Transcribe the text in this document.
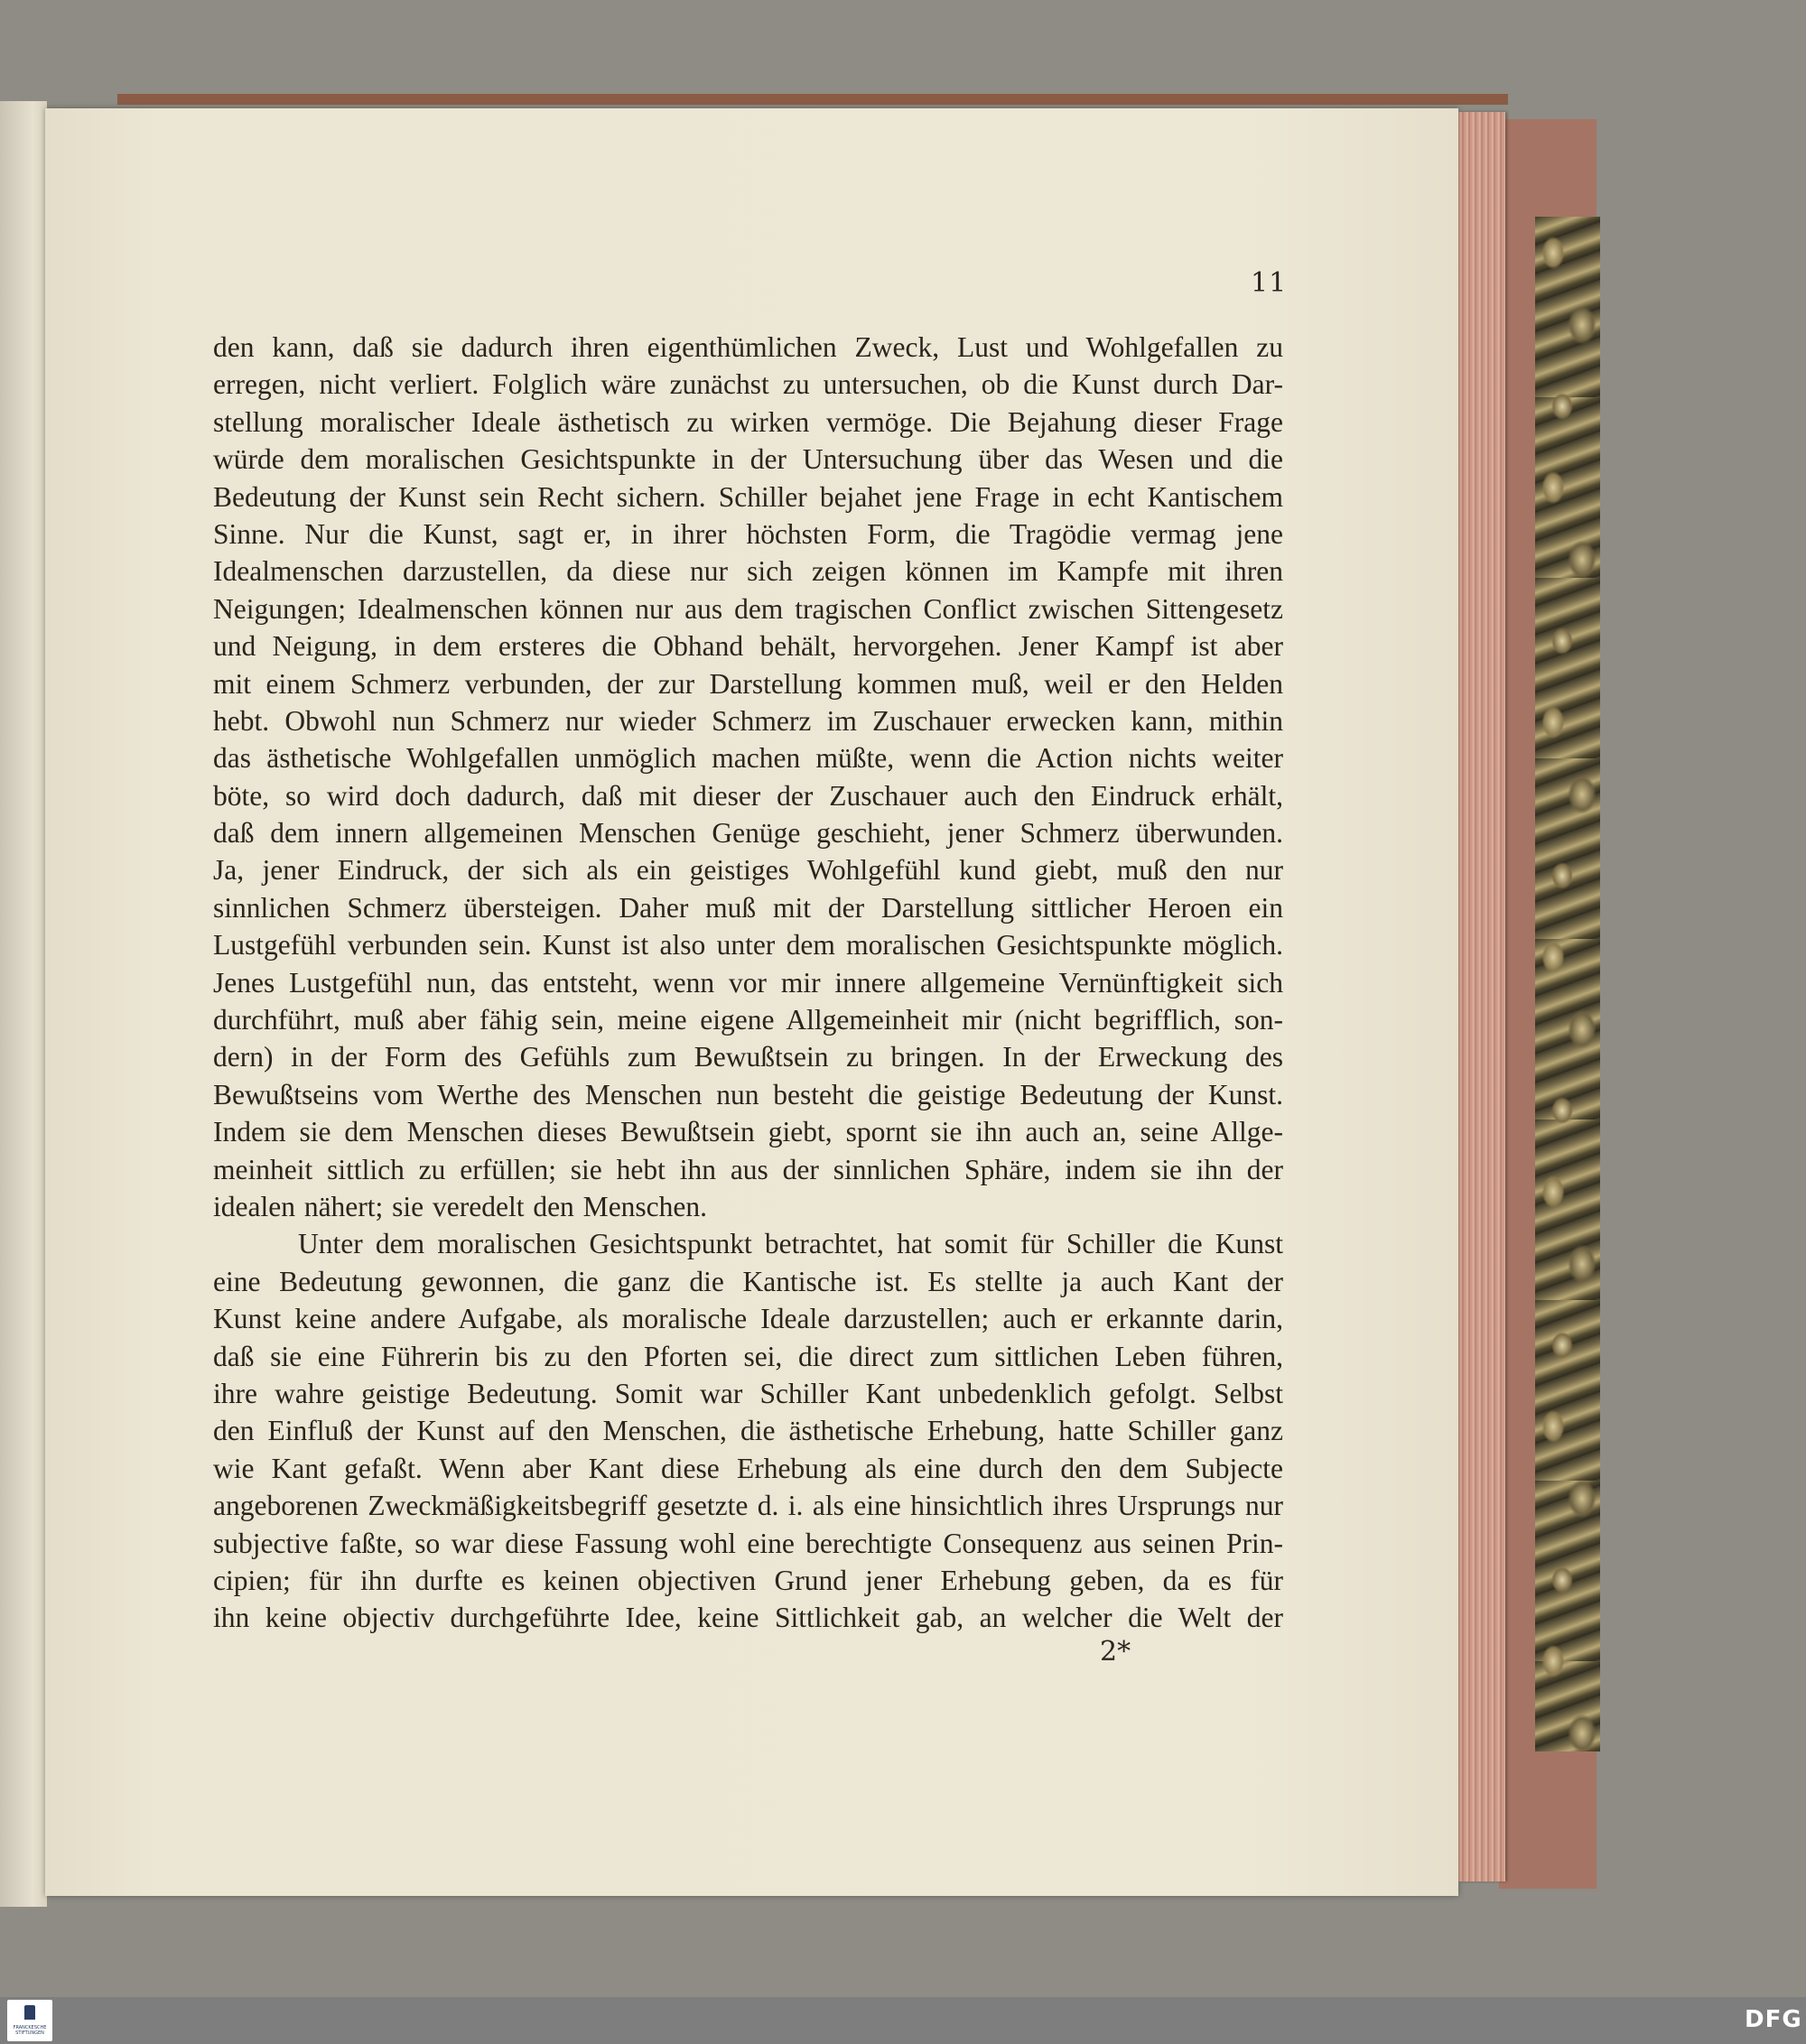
11
den kann, daß sie dadurch ihren eigenthümlichen Zweck, Lust und Wohlgefallen zu
erregen, nicht verliert. Folglich wäre zunächst zu untersuchen, ob die Kunst durch Dar-
stellung moralischer Ideale ästhetisch zu wirken vermöge. Die Bejahung dieser Frage
würde dem moralischen Gesichtspunkte in der Untersuchung über das Wesen und die
Bedeutung der Kunst sein Recht sichern. Schiller bejahet jene Frage in echt Kantischem
Sinne. Nur die Kunst, sagt er, in ihrer höchsten Form, die Tragödie vermag jene
Idealmenschen darzustellen, da diese nur sich zeigen können im Kampfe mit ihren
Neigungen; Idealmenschen können nur aus dem tragischen Conflict zwischen Sittengesetz
und Neigung, in dem ersteres die Obhand behält, hervorgehen. Jener Kampf ist aber
mit einem Schmerz verbunden, der zur Darstellung kommen muß, weil er den Helden
hebt. Obwohl nun Schmerz nur wieder Schmerz im Zuschauer erwecken kann, mithin
das ästhetische Wohlgefallen unmöglich machen müßte, wenn die Action nichts weiter
böte, so wird doch dadurch, daß mit dieser der Zuschauer auch den Eindruck erhält,
daß dem innern allgemeinen Menschen Genüge geschieht, jener Schmerz überwunden.
Ja, jener Eindruck, der sich als ein geistiges Wohlgefühl kund giebt, muß den nur
sinnlichen Schmerz übersteigen. Daher muß mit der Darstellung sittlicher Heroen ein
Lustgefühl verbunden sein. Kunst ist also unter dem moralischen Gesichtspunkte möglich.
Jenes Lustgefühl nun, das entsteht, wenn vor mir innere allgemeine Vernünftigkeit sich
durchführt, muß aber fähig sein, meine eigene Allgemeinheit mir (nicht begrifflich, son-
dern) in der Form des Gefühls zum Bewußtsein zu bringen. In der Erweckung des
Bewußtseins vom Werthe des Menschen nun besteht die geistige Bedeutung der Kunst.
Indem sie dem Menschen dieses Bewußtsein giebt, spornt sie ihn auch an, seine Allge-
meinheit sittlich zu erfüllen; sie hebt ihn aus der sinnlichen Sphäre, indem sie ihn der
idealen nähert; sie veredelt den Menschen.
Unter dem moralischen Gesichtspunkt betrachtet, hat somit für Schiller die Kunst
eine Bedeutung gewonnen, die ganz die Kantische ist. Es stellte ja auch Kant der
Kunst keine andere Aufgabe, als moralische Ideale darzustellen; auch er erkannte darin,
daß sie eine Führerin bis zu den Pforten sei, die direct zum sittlichen Leben führen,
ihre wahre geistige Bedeutung. Somit war Schiller Kant unbedenklich gefolgt. Selbst
den Einfluß der Kunst auf den Menschen, die ästhetische Erhebung, hatte Schiller ganz
wie Kant gefaßt. Wenn aber Kant diese Erhebung als eine durch den dem Subjecte
angeborenen Zweckmäßigkeitsbegriff gesetzte d. i. als eine hinsichtlich ihres Ursprungs nur
subjective faßte, so war diese Fassung wohl eine berechtigte Consequenz aus seinen Prin-
cipien; für ihn durfte es keinen objectiven Grund jener Erhebung geben, da es für
ihn keine objectiv durchgeführte Idee, keine Sittlichkeit gab, an welcher die Welt der
2*
FRANCKESCHE STIFTUNGEN	DFG
